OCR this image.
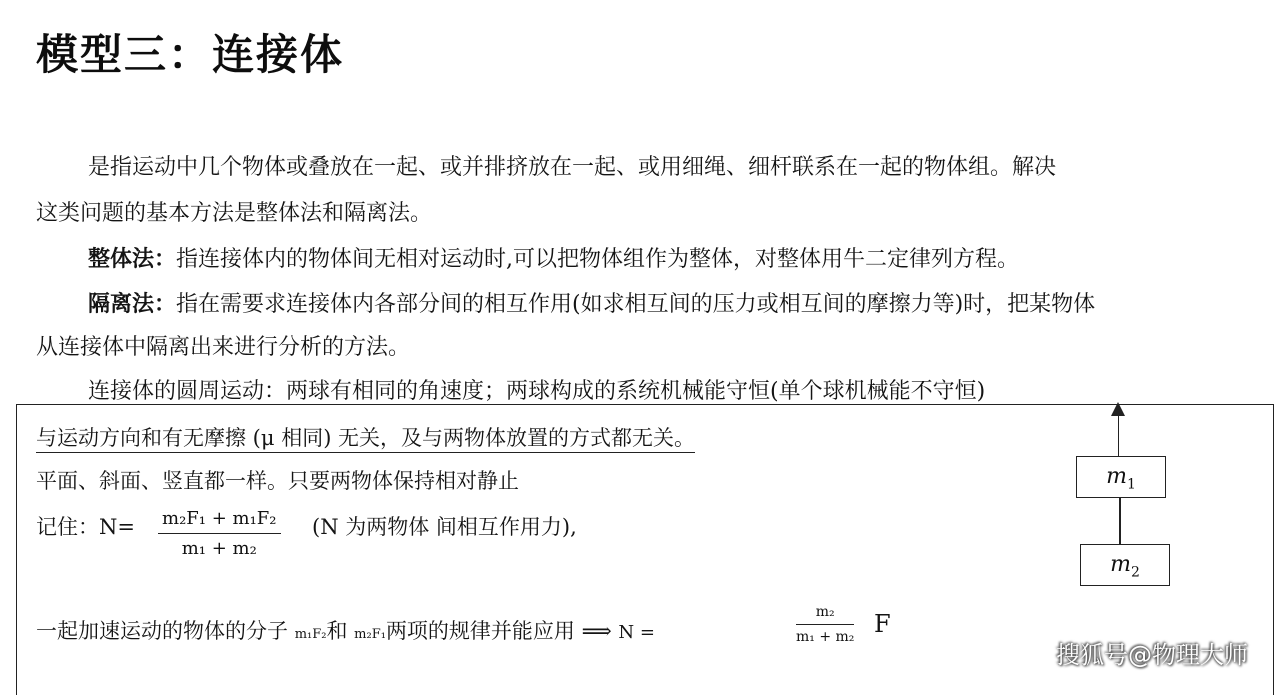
模型三：连接体
是指运动中几个物体或叠放在一起、或并排挤放在一起、或用细绳、细杆联系在一起的物体组。解决
这类问题的基本方法是整体法和隔离法。
整体法：指连接体内的物体间无相对运动时,可以把物体组作为整体，对整体用牛二定律列方程。
隔离法：指在需要求连接体内各部分间的相互作用(如求相互间的压力或相互间的摩擦力等)时，把某物体
从连接体中隔离出来进行分析的方法。
连接体的圆周运动：两球有相同的角速度；两球构成的系统机械能守恒(单个球机械能不守恒)
与运动方向和有无摩擦 (μ 相同) 无关，及与两物体放置的方式都无关。
平面、斜面、竖直都一样。只要两物体保持相对静止
记住：$N= \frac{\text{m₂F₁ + m₁F₂}}{\text{m₁ + m₂}} (N$ 为两物体 间相互作用力),
一起加速运动的物体的分子 m₁F₂和 m₂F₁两项的规律并能应用 ⟹ N =	$\frac{\text{m₂}}{\text{m₁ + m₂}}$ F
$m_1$
$m_2$
搜狐号@物理大师
